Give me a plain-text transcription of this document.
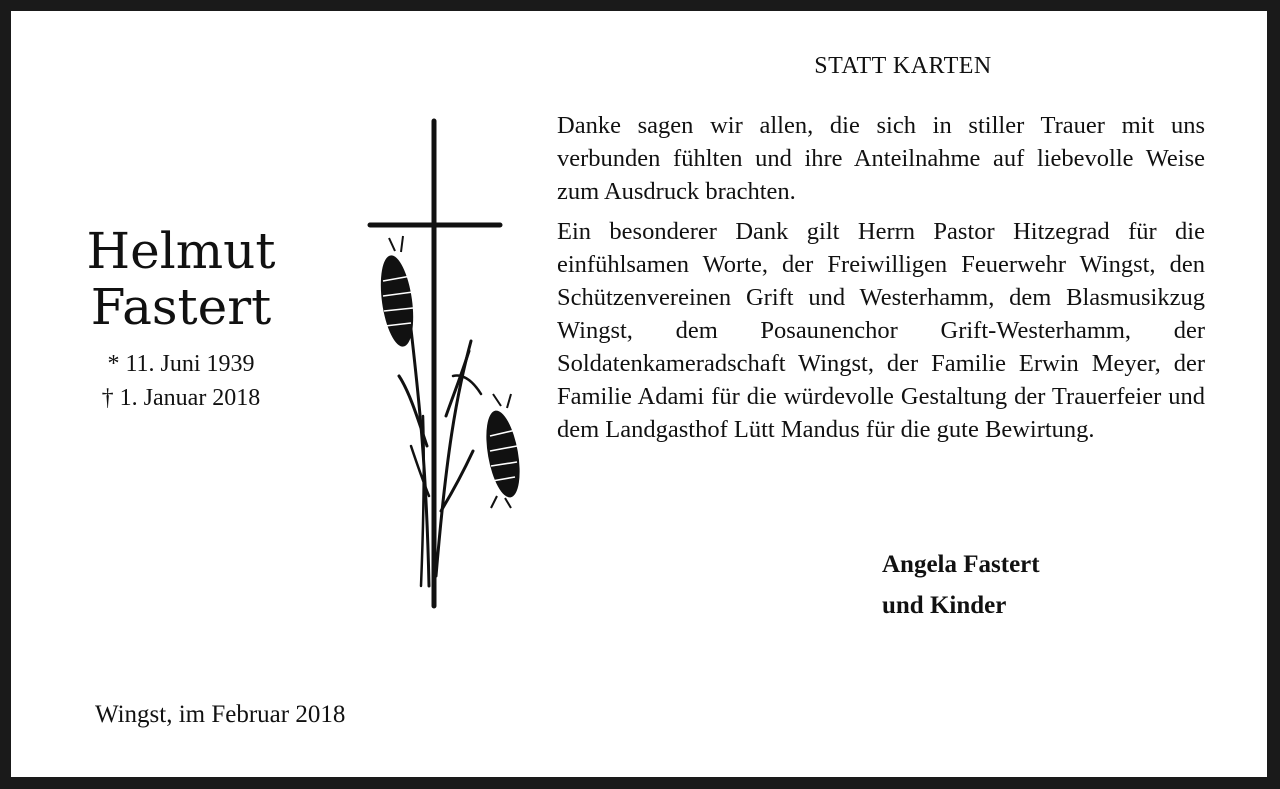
Helmut
Fastert
* 11. Juni 1939
† 1. Januar 2018
STATT KARTEN

Danke sagen wir allen, die sich in stiller Trauer mit uns verbunden fühlten und ihre Anteilnahme auf liebevolle Weise zum Ausdruck brachten.

Ein besonderer Dank gilt Herrn Pastor Hitzegrad für die einfühlsamen Worte, der Freiwilligen Feuerwehr Wingst, den Schützenvereinen Grift und Westerhamm, dem Blasmusikzug Wingst, dem Posaunenchor Grift-Westerhamm, der Soldatenkameradschaft Wingst, der Familie Erwin Meyer, der Familie Adami für die würdevolle Gestaltung der Trauerfeier und dem Landgasthof Lütt Mandus für die gute Bewirtung.

Angela Fastert
und Kinder
Wingst, im Februar 2018
